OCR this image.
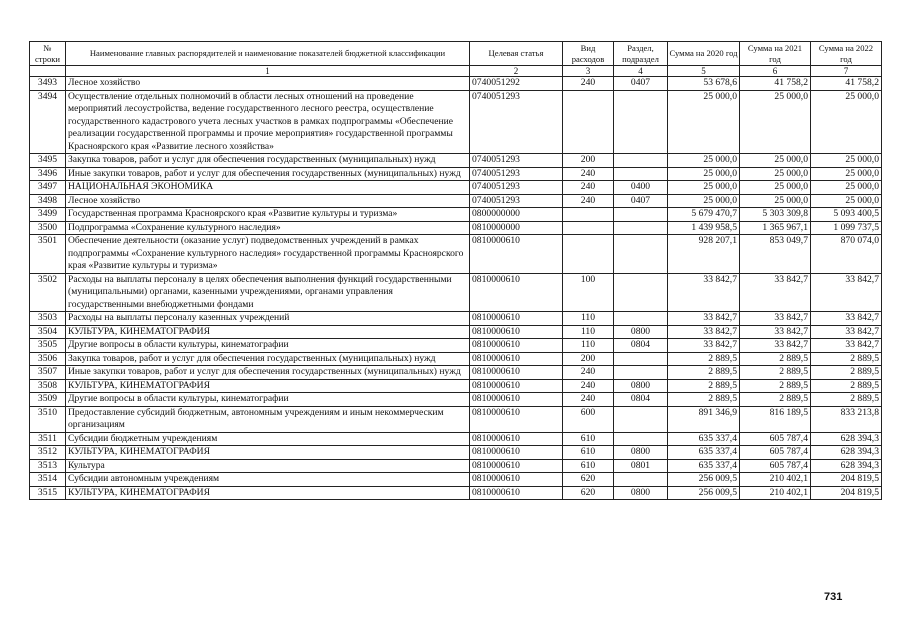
№ строки	Наименование главных распорядителей и наименование показателей бюджетной классификации	Целевая статья	Вид расходов	Раздел, подраздел	Сумма на 2020 год	Сумма на 2021 год	Сумма на 2022 год
	1	2	3	4	5	6	7
3493	Лесное хозяйство	0740051292	240	0407	53 678,6	41 758,2	41 758,2
3494	Осуществление отдельных полномочий в области лесных отношений на проведение мероприятий лесоустройства, ведение государственного лесного реестра, осуществление государственного кадастрового учета лесных участков в рамках подпрограммы «Обеспечение реализации государственной программы и прочие мероприятия» государственной программы Красноярского края «Развитие лесного хозяйства»	0740051293			25 000,0	25 000,0	25 000,0
3495	Закупка товаров, работ и услуг для обеспечения государственных (муниципальных) нужд	0740051293	200		25 000,0	25 000,0	25 000,0
3496	Иные закупки товаров, работ и услуг для обеспечения государственных (муниципальных) нужд	0740051293	240		25 000,0	25 000,0	25 000,0
3497	НАЦИОНАЛЬНАЯ ЭКОНОМИКА	0740051293	240	0400	25 000,0	25 000,0	25 000,0
3498	Лесное хозяйство	0740051293	240	0407	25 000,0	25 000,0	25 000,0
3499	Государственная программа Красноярского края «Развитие культуры и туризма»	0800000000			5 679 470,7	5 303 309,8	5 093 400,5
3500	Подпрограмма «Сохранение культурного наследия»	0810000000			1 439 958,5	1 365 967,1	1 099 737,5
3501	Обеспечение деятельности (оказание услуг) подведомственных учреждений в рамках подпрограммы «Сохранение культурного наследия» государственной программы Красноярского края «Развитие культуры и туризма»	0810000610			928 207,1	853 049,7	870 074,0
3502	Расходы на выплаты персоналу в целях обеспечения выполнения функций государственными (муниципальными) органами, казенными учреждениями, органами управления государственными внебюджетными фондами	0810000610	100		33 842,7	33 842,7	33 842,7
3503	Расходы на выплаты персоналу казенных учреждений	0810000610	110		33 842,7	33 842,7	33 842,7
3504	КУЛЬТУРА, КИНЕМАТОГРАФИЯ	0810000610	110	0800	33 842,7	33 842,7	33 842,7
3505	Другие вопросы в области культуры, кинематографии	0810000610	110	0804	33 842,7	33 842,7	33 842,7
3506	Закупка товаров, работ и услуг для обеспечения государственных (муниципальных) нужд	0810000610	200		2 889,5	2 889,5	2 889,5
3507	Иные закупки товаров, работ и услуг для обеспечения государственных (муниципальных) нужд	0810000610	240		2 889,5	2 889,5	2 889,5
3508	КУЛЬТУРА, КИНЕМАТОГРАФИЯ	0810000610	240	0800	2 889,5	2 889,5	2 889,5
3509	Другие вопросы в области культуры, кинематографии	0810000610	240	0804	2 889,5	2 889,5	2 889,5
3510	Предоставление субсидий бюджетным, автономным учреждениям и иным некоммерческим организациям	0810000610	600		891 346,9	816 189,5	833 213,8
3511	Субсидии бюджетным учреждениям	0810000610	610		635 337,4	605 787,4	628 394,3
3512	КУЛЬТУРА, КИНЕМАТОГРАФИЯ	0810000610	610	0800	635 337,4	605 787,4	628 394,3
3513	Культура	0810000610	610	0801	635 337,4	605 787,4	628 394,3
3514	Субсидии автономным учреждениям	0810000610	620		256 009,5	210 402,1	204 819,5
3515	КУЛЬТУРА, КИНЕМАТОГРАФИЯ	0810000610	620	0800	256 009,5	210 402,1	204 819,5
731
